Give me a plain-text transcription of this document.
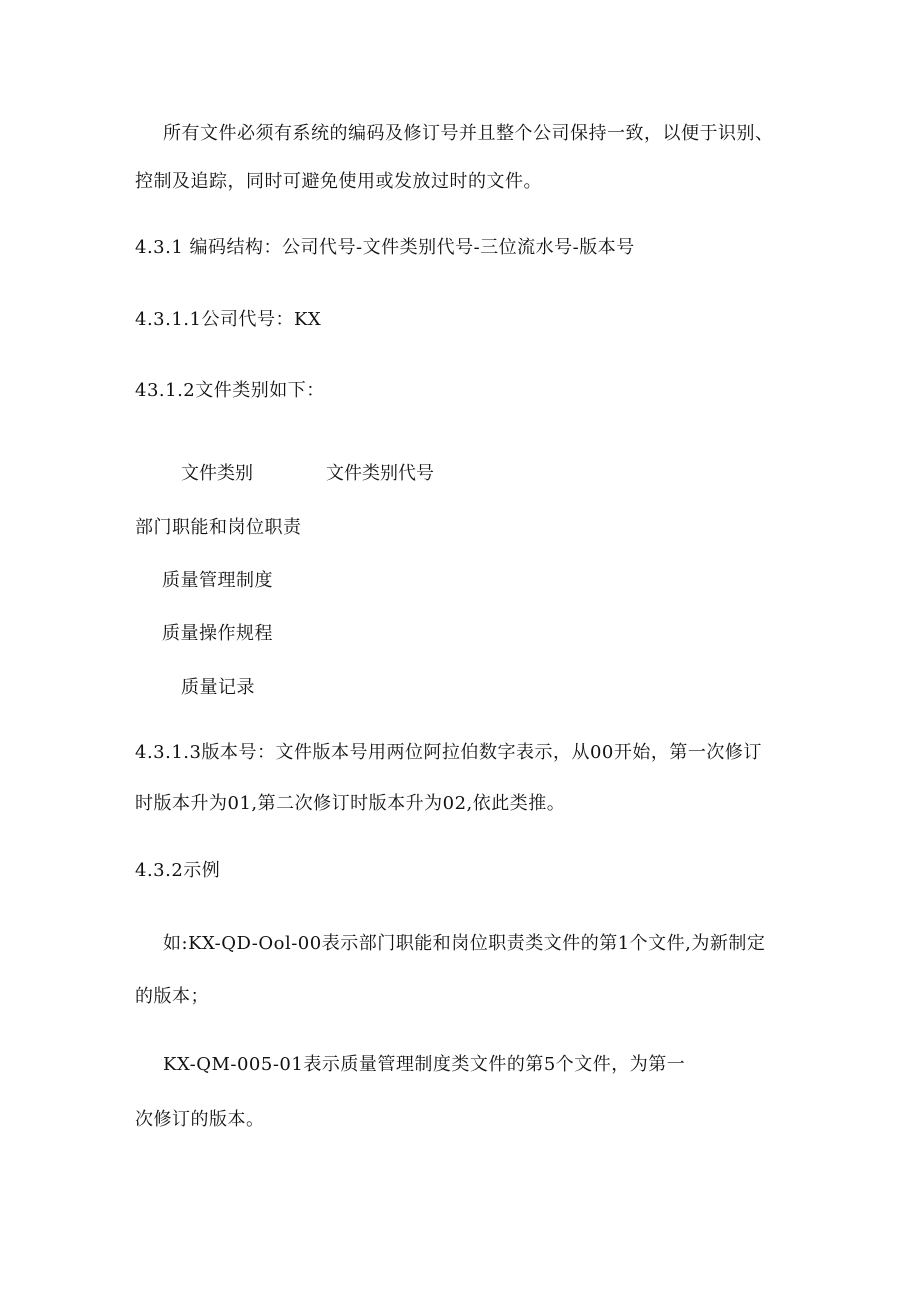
所有文件必须有系统的编码及修订号并且整个公司保持一致，以便于识别、
控制及追踪，同时可避免使用或发放过时的文件。
4.3.1 编码结构：公司代号-文件类别代号-三位流水号-版本号
4.3.1.1公司代号：KX
43.1.2文件类别如下：
文件类别	文件类别代号
部门职能和岗位职责
质量管理制度
质量操作规程
质量记录
4.3.1.3版本号：文件版本号用两位阿拉伯数字表示，从00开始，第一次修订
时版本升为01,第二次修订时版本升为02,依此类推。
4.3.2示例
如:KX-QD-Ool-00表示部门职能和岗位职责类文件的第1个文件,为新制定
的版本；
KX-QM-005-01表示质量管理制度类文件的第5个文件，为第一
次修订的版本。
